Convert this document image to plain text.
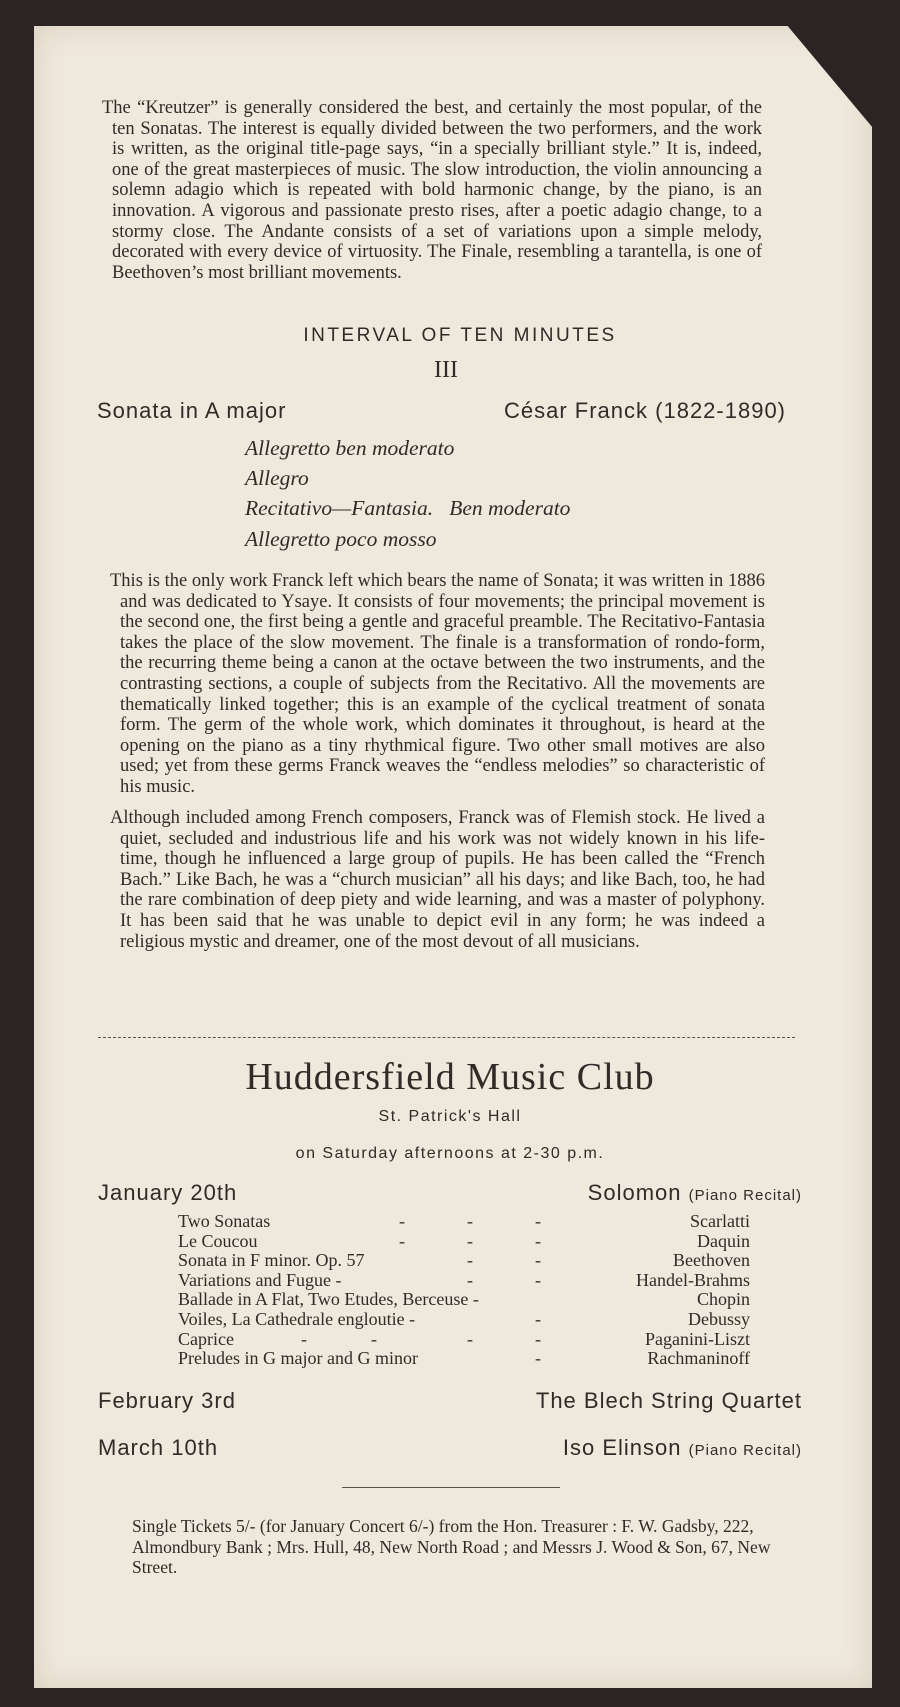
The “Kreutzer” is generally considered the best, and certainly the most popular, of the ten Sonatas. The interest is equally divided between the two performers, and the work is written, as the original title-page says, “in a specially brilliant style.” It is, indeed, one of the great masterpieces of music. The slow introduction, the violin announcing a solemn adagio which is repeated with bold harmonic change, by the piano, is an innovation. A vigorous and passionate presto rises, after a poetic adagio change, to a stormy close. The Andante consists of a set of variations upon a simple melody, decorated with every device of virtuosity. The Finale, resembling a tarantella, is one of Beethoven’s most brilliant movements.

INTERVAL OF TEN MINUTES
III
Sonata in A major	César Franck (1822-1890)
Allegretto ben moderato
Allegro
Recitativo—Fantasia.   Ben moderato
Allegretto poco mosso

This is the only work Franck left which bears the name of Sonata; it was written in 1886 and was dedicated to Ysaye. It consists of four movements; the principal movement is the second one, the first being a gentle and graceful preamble. The Recitativo-Fantasia takes the place of the slow movement. The finale is a transformation of rondo-form, the recurring theme being a canon at the octave between the two instruments, and the contrasting sections, a couple of subjects from the Recitativo. All the movements are thematically linked together; this is an example of the cyclical treatment of sonata form. The germ of the whole work, which dominates it throughout, is heard at the opening on the piano as a tiny rhythmical figure. Two other small motives are also used; yet from these germs Franck weaves the “endless melodies” so characteristic of his music.

Although included among French composers, Franck was of Flemish stock. He lived a quiet, secluded and industrious life and his work was not widely known in his life-time, though he influenced a large group of pupils. He has been called the “French Bach.” Like Bach, he was a “church musician” all his days; and like Bach, too, he had the rare combination of deep piety and wide learning, and was a master of polyphony. It has been said that he was unable to depict evil in any form; he was indeed a religious mystic and dreamer, one of the most devout of all musicians.

Huddersfield Music Club
St. Patrick's Hall
on Saturday afternoons at 2-30 p.m.
January 20th	Solomon (Piano Recital)
Two Sonatas	-	-	-	Scarlatti
Le Coucou	-	-	-	Daquin
Sonata in F minor. Op. 57	-	-	Beethoven
Variations and Fugue -	-	-	Handel-Brahms
Ballade in A Flat, Two Etudes, Berceuse -	Chopin
Voiles, La Cathedrale engloutie -	-	Debussy
Caprice	-	-	-	-	Paganini-Liszt
Preludes in G major and G minor	-	Rachmaninoff
February 3rd	The Blech String Quartet
March 10th	Iso Elinson (Piano Recital)

Single Tickets 5/- (for January Concert 6/-) from the Hon. Treasurer : F. W. Gadsby, 222, Almondbury Bank ; Mrs. Hull, 48, New North Road ; and Messrs J. Wood & Son, 67, New Street.
